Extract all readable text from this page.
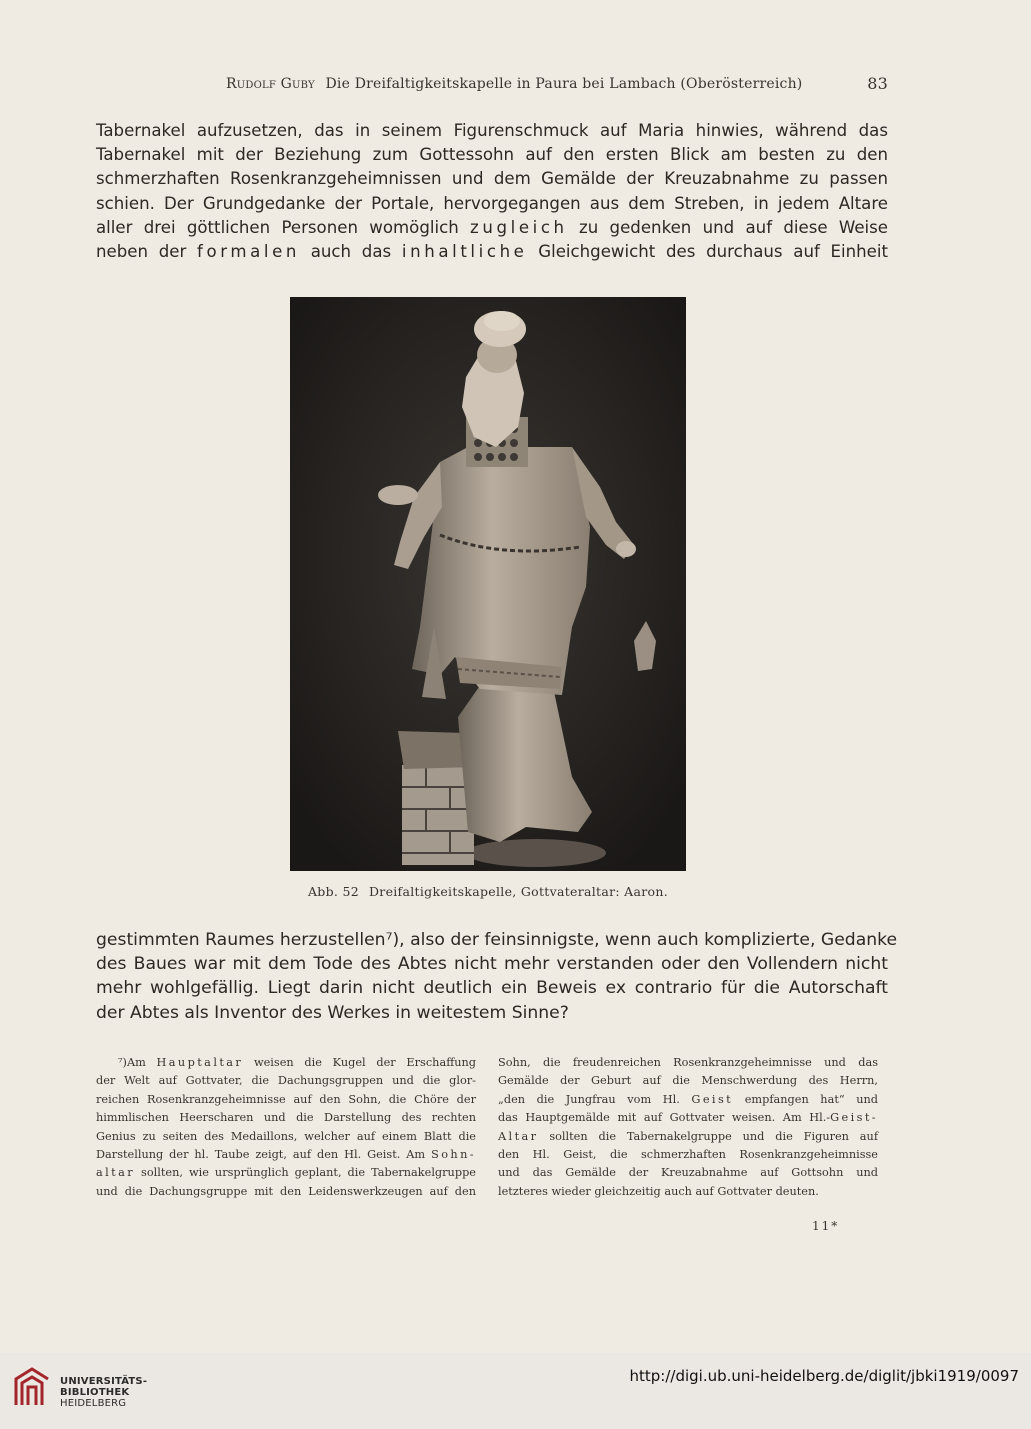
Rudolf Guby Die Dreifaltigkeitskapelle in Paura bei Lambach (Oberösterreich)	83
Tabernakel aufzusetzen, das in seinem Figurenschmuck auf Maria hinwies, während das
Tabernakel mit der Beziehung zum Gottessohn auf den ersten Blick am besten zu den
schmerzhaften Rosenkranzgeheimnissen und dem Gemälde der Kreuzabnahme zu passen
schien. Der Grundgedanke der Portale, hervorgegangen aus dem Streben, in jedem Altare
aller drei göttlichen Personen womöglich zugleich zu gedenken und auf diese Weise
neben der formalen auch das inhaltliche Gleichgewicht des durchaus auf Einheit
Abb. 52 Dreifaltigkeitskapelle, Gottvateraltar: Aaron.
gestimmten Raumes herzustellen⁷), also der feinsinnigste, wenn auch komplizierte, Gedanke
des Baues war mit dem Tode des Abtes nicht mehr verstanden oder den Vollendern nicht
mehr wohlgefällig. Liegt darin nicht deutlich ein Beweis ex contrario für die Autorschaft
der Abtes als Inventor des Werkes in weitestem Sinne?
⁷)Am Hauptaltar weisen die Kugel der Erschaffung
der Welt auf Gottvater, die Dachungsgruppen und die glor-
reichen Rosenkranzgeheimnisse auf den Sohn, die Chöre der
himmlischen Heerscharen und die Darstellung des rechten
Genius zu seiten des Medaillons, welcher auf einem Blatt die
Darstellung der hl. Taube zeigt, auf den Hl. Geist. Am Sohn-
altar sollten, wie ursprünglich geplant, die Tabernakelgruppe
und die Dachungsgruppe mit den Leidenswerkzeugen auf den
Sohn, die freudenreichen Rosenkranzgeheimnisse und das
Gemälde der Geburt auf die Menschwerdung des Herrn,
„den die Jungfrau vom Hl. Geist empfangen hat“ und
das Hauptgemälde mit auf Gottvater weisen. Am Hl.-Geist-
Altar sollten die Tabernakelgruppe und die Figuren auf
den Hl. Geist, die schmerzhaften Rosenkranzgeheimnisse
und das Gemälde der Kreuzabnahme auf Gottsohn und
letzteres wieder gleichzeitig auch auf Gottvater deuten.
11*
UNIVERSITÄTS-
BIBLIOTHEK
HEIDELBERG
http://digi.ub.uni-heidelberg.de/diglit/jbki1919/0097
